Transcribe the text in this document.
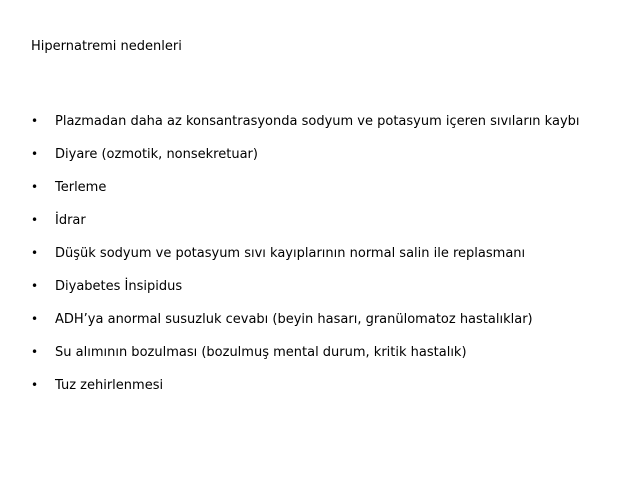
Hipernatremi nedenleri
• Plazmadan daha az konsantrasyonda sodyum ve potasyum içeren sıvıların kaybı
• Diyare (ozmotik, nonsekretuar)
• Terleme
• İdrar
• Düşük sodyum ve potasyum sıvı kayıplarının normal salin ile replasmanı
• Diyabetes İnsipidus
• ADH’ya anormal susuzluk cevabı (beyin hasarı, granülomatoz hastalıklar)
• Su alımının bozulması (bozulmuş mental durum, kritik hastalık)
• Tuz zehirlenmesi
